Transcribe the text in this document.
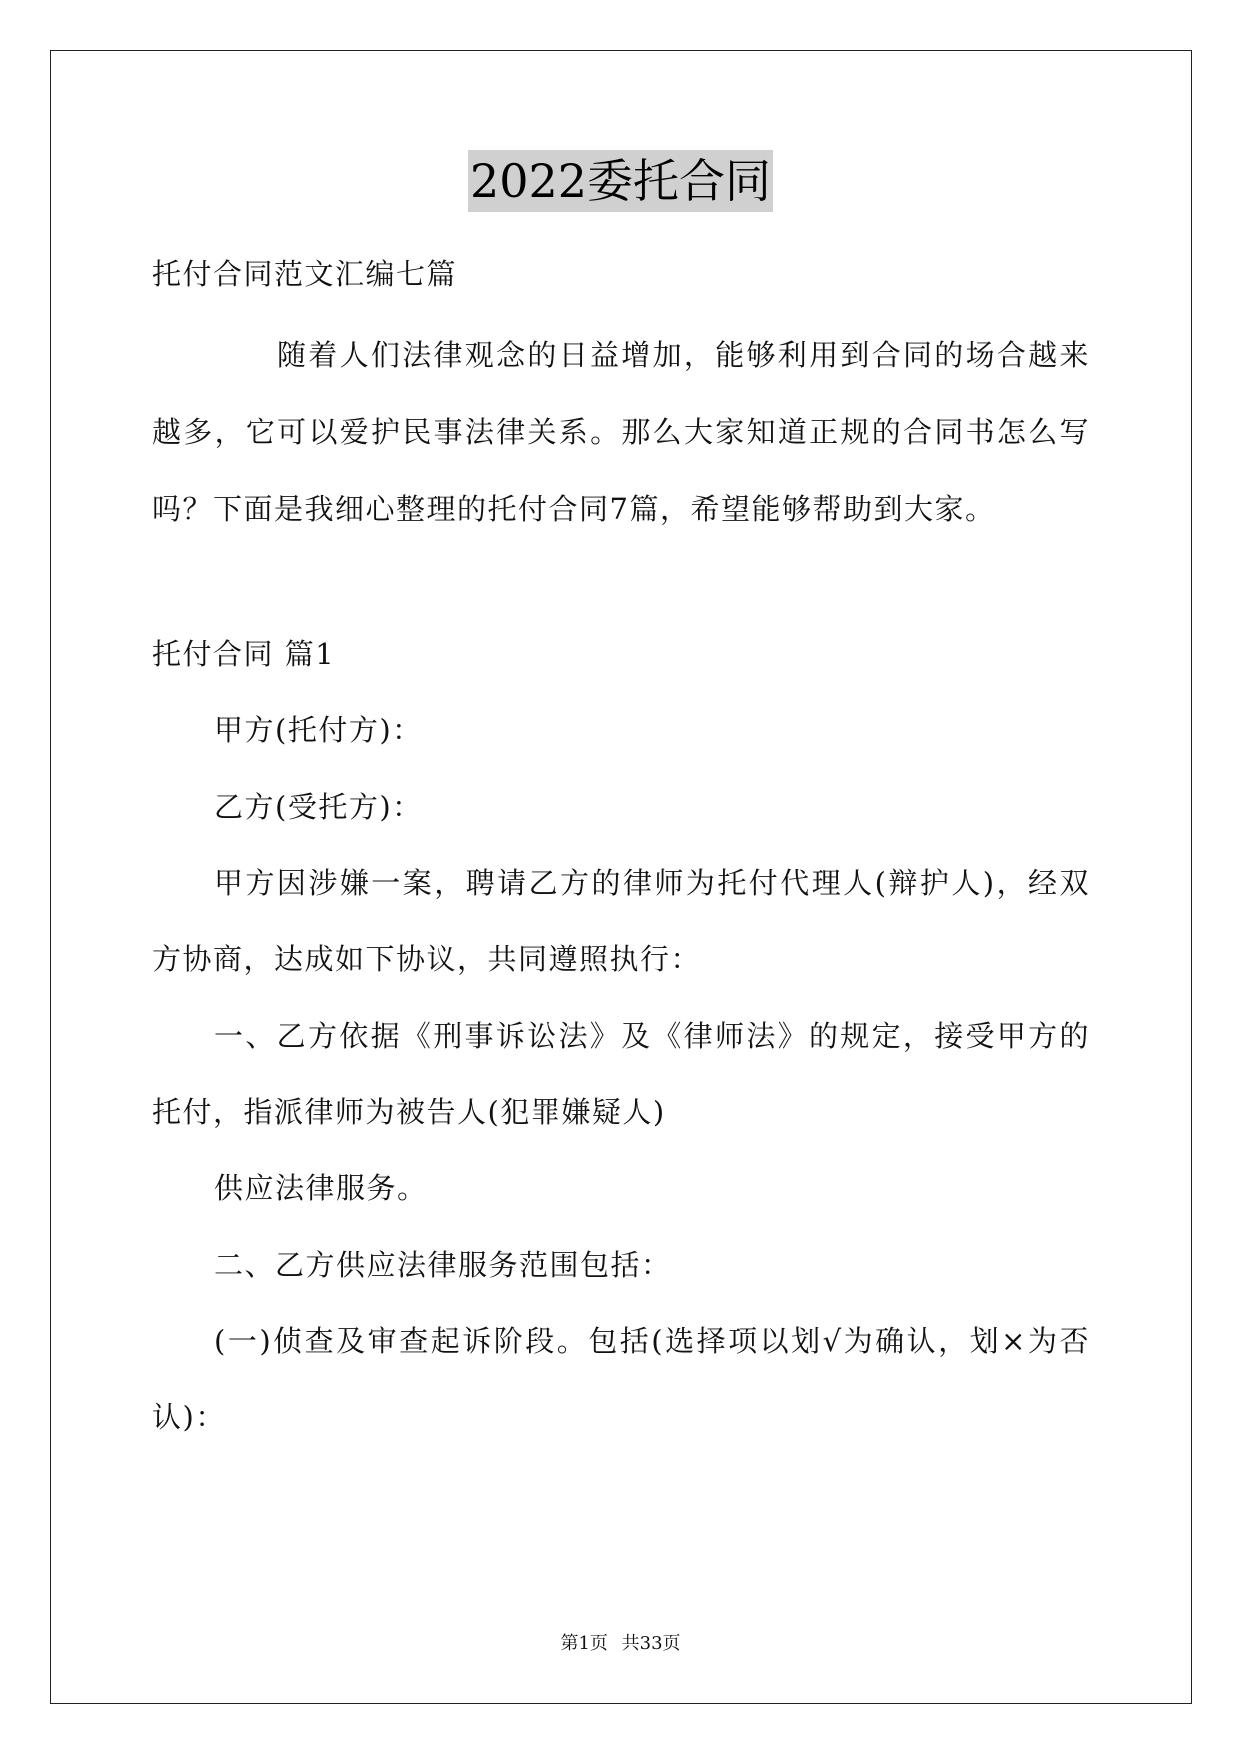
2022委托合同
托付合同范文汇编七篇
随着人们法律观念的日益增加，能够利用到合同的场合越来
越多，它可以爱护民事法律关系。那么大家知道正规的合同书怎么写
吗？下面是我细心整理的托付合同7篇，希望能够帮助到大家。
托付合同 篇1
甲方(托付方)：
乙方(受托方)：
甲方因涉嫌一案，聘请乙方的律师为托付代理人(辩护人)，经双
方协商，达成如下协议，共同遵照执行：
一、乙方依据《刑事诉讼法》及《律师法》的规定，接受甲方的
托付，指派律师为被告人(犯罪嫌疑人)
供应法律服务。
二、乙方供应法律服务范围包括：
(一)侦查及审查起诉阶段。包括(选择项以划√为确认，划×为否
认)：
第1页 共33页
